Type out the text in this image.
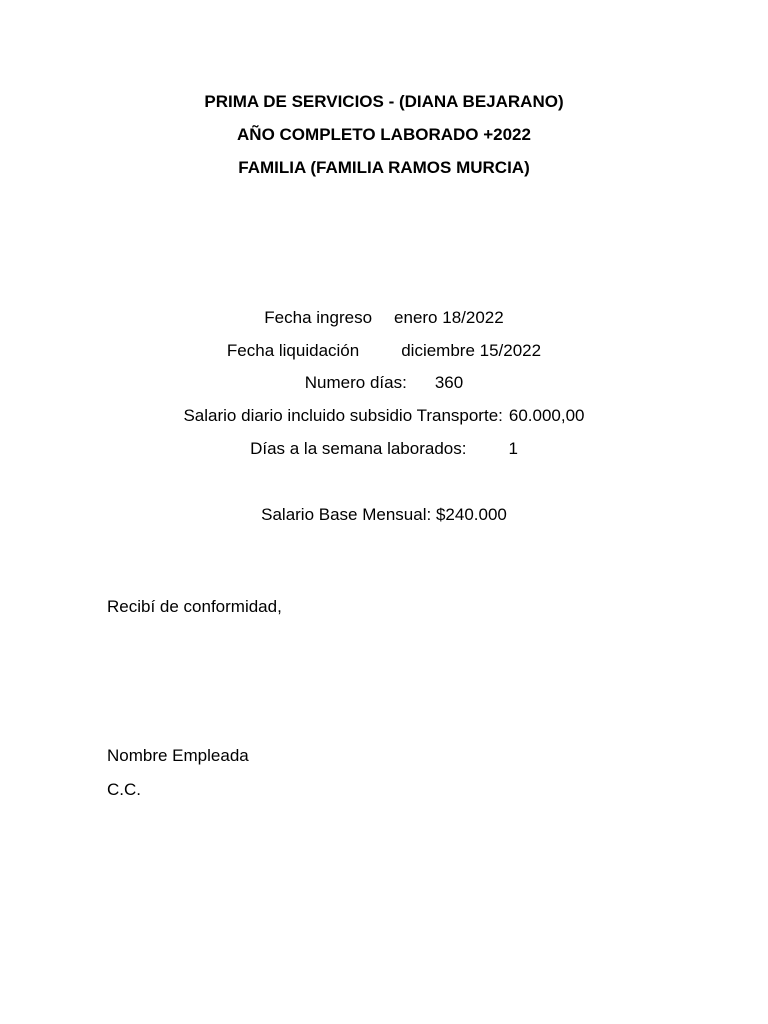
PRIMA DE SERVICIOS - (DIANA BEJARANO)
AÑO COMPLETO LABORADO +2022
FAMILIA (FAMILIA RAMOS MURCIA)
Fecha ingreso enero 18/2022
Fecha liquidación diciembre 15/2022
Numero días: 360
Salario diario incluido subsidio Transporte: 60.000,00
Días a la semana laborados: 1
Salario Base Mensual: $240.000
Recibí de conformidad,
Nombre Empleada
C.C.
